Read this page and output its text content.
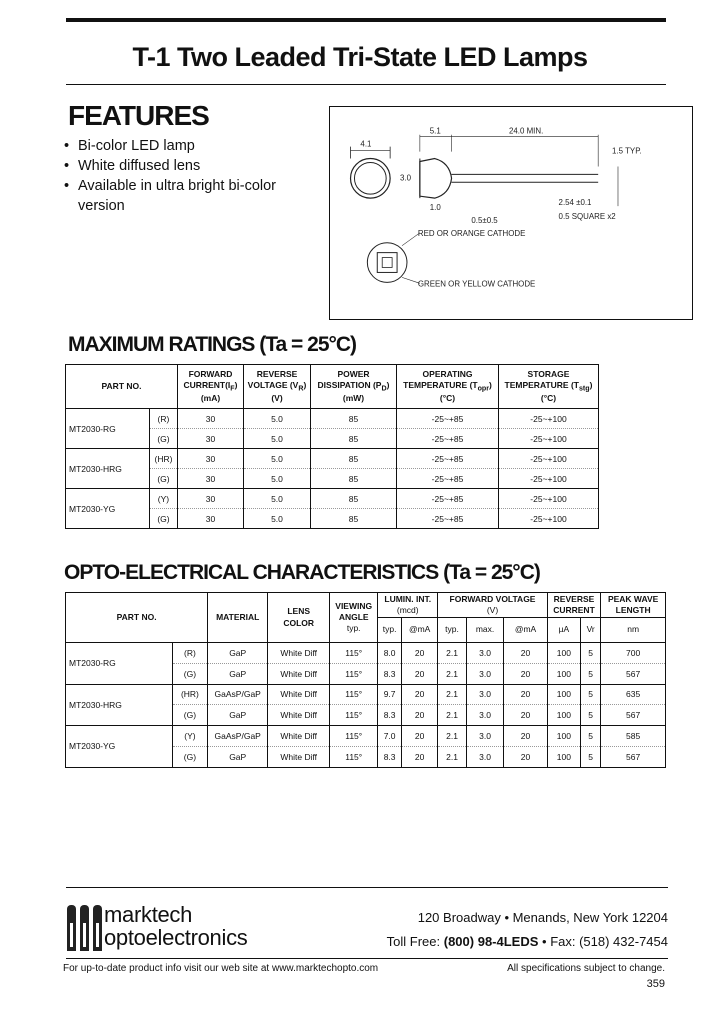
T-1 Two Leaded Tri-State LED Lamps
FEATURES
• Bi-color LED lamp
• White diffused lens
• Available in ultra bright bi-color version
4.1
5.1	24.0 MIN.
1.5 TYP.
3.0
1.0
2.54 ±0.1
0.5±0.5	0.5 SQUARE x2
RED OR ORANGE CATHODE
GREEN OR YELLOW CATHODE
MAXIMUM RATINGS (Ta = 25°C)
PART NO.		FORWARD
$CURRENT(I_F)$
(mA)	REVERSE
VOLTAGE $(V_R)$
(V)	POWER
DISSIPATION $(P_D)$
(mW)	OPERATING
TEMPERATURE $(T_{opr})$
(°C)	STORAGE
TEMPERATURE $(T_{stg})$
(°C)
MT2030-RG	(R)	30	5.0	85	-25~+85	-25~+100
	(G)	30	5.0	85	-25~+85	-25~+100
MT2030-HRG	(HR)	30	5.0	85	-25~+85	-25~+100
	(G)	30	5.0	85	-25~+85	-25~+100
MT2030-YG	(Y)	30	5.0	85	-25~+85	-25~+100
	(G)	30	5.0	85	-25~+85	-25~+100
OPTO-ELECTRICAL CHARACTERISTICS (Ta = 25°C)
PART NO.		MATERIAL	LENS
COLOR	VIEWING
ANGLE
typ.	LUMIN. INT.
(mcd)		FORWARD VOLTAGE
(V)			REVERSE
CURRENT		PEAK WAVE
LENGTH
					typ.	@mA	typ.	max.	@mA	µA	Vr	nm
MT2030-RG	(R)	GaP	White Diff	115°	8.0	20	2.1	3.0	20	100	5	700
	(G)	GaP	White Diff	115°	8.3	20	2.1	3.0	20	100	5	567
MT2030-HRG	(HR)	GaAsP/GaP	White Diff	115°	9.7	20	2.1	3.0	20	100	5	635
	(G)	GaP	White Diff	115°	8.3	20	2.1	3.0	20	100	5	567
MT2030-YG	(Y)	GaAsP/GaP	White Diff	115°	7.0	20	2.1	3.0	20	100	5	585
	(G)	GaP	White Diff	115°	8.3	20	2.1	3.0	20	100	5	567
marktech
optoelectronics
120 Broadway • Menands, New York 12204
Toll Free: (800) 98-4LEDS • Fax: (518) 432-7454
For up-to-date product info visit our web site at www.marktechopto.com	All specifications subject to change.
359
